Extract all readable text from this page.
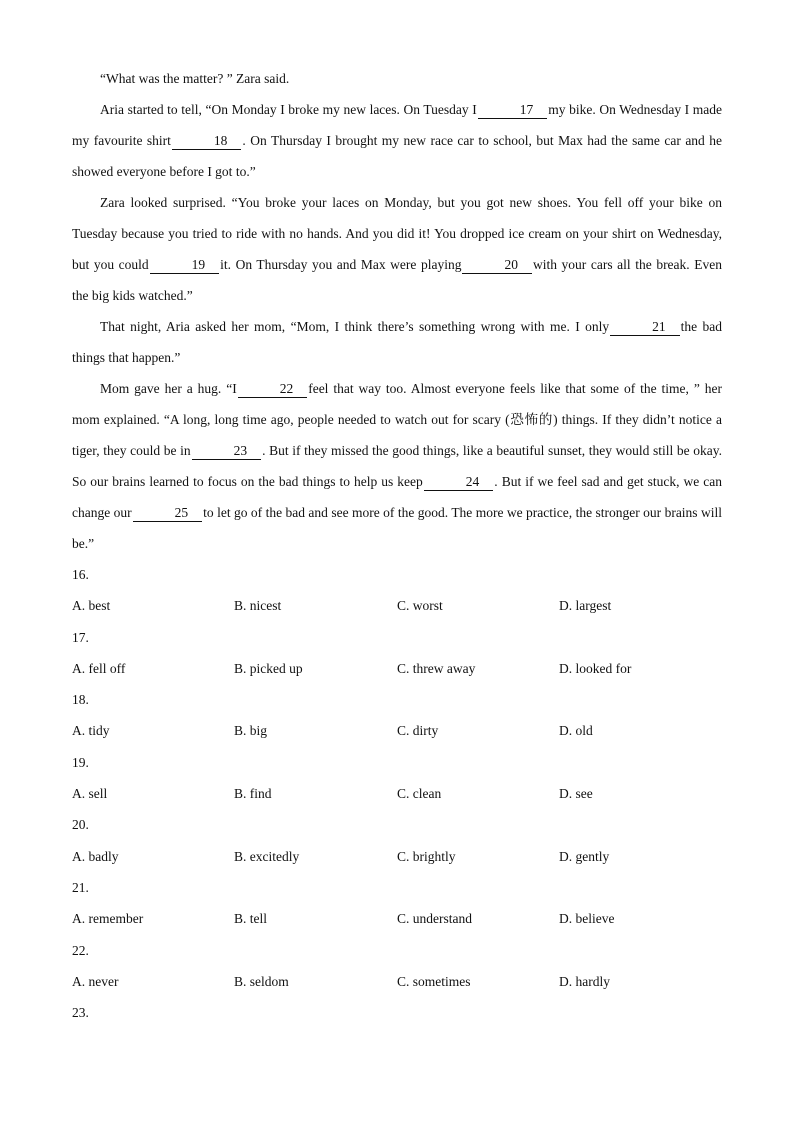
“What was the matter? ” Zara said.

Aria started to tell, “On Monday I broke my new laces. On Tuesday I	17 my bike. On Wednesday I made my favourite shirt	18 . On Thursday I brought my new race car to school, but Max had the same car and he showed everyone before I got to.”

Zara looked surprised. “You broke your laces on Monday, but you got new shoes. You fell off your bike on Tuesday because you tried to ride with no hands. And you did it! You dropped ice cream on your shirt on Wednesday, but you could	19 it. On Thursday you and Max were playing	20 with your cars all the break. Even the big kids watched.”

That night, Aria asked her mom, “Mom, I think there’s something wrong with me. I only	21 the bad things that happen.”

Mom gave her a hug. “I	22 feel that way too. Almost everyone feels like that some of the time, ” her mom explained. “A long, long time ago, people needed to watch out for scary (恐怖的) things. If they didn’t notice a tiger, they could be in	23 . But if they missed the good things, like a beautiful sunset, they would still be okay. So our brains learned to focus on the bad things to help us keep	24 . But if we feel sad and get stuck, we can change our	25 to let go of the bad and see more of the good. The more we practice, the stronger our brains will be.”

16.
A. best	B. nicest	C. worst	D. largest
17.
A. fell off	B. picked up	C. threw away	D. looked for
18.
A. tidy	B. big	C. dirty	D. old
19.
A. sell	B. find	C. clean	D. see
20.
A. badly	B. excitedly	C. brightly	D. gently
21.
A. remember	B. tell	C. understand	D. believe
22.
A. never	B. seldom	C. sometimes	D. hardly
23.
